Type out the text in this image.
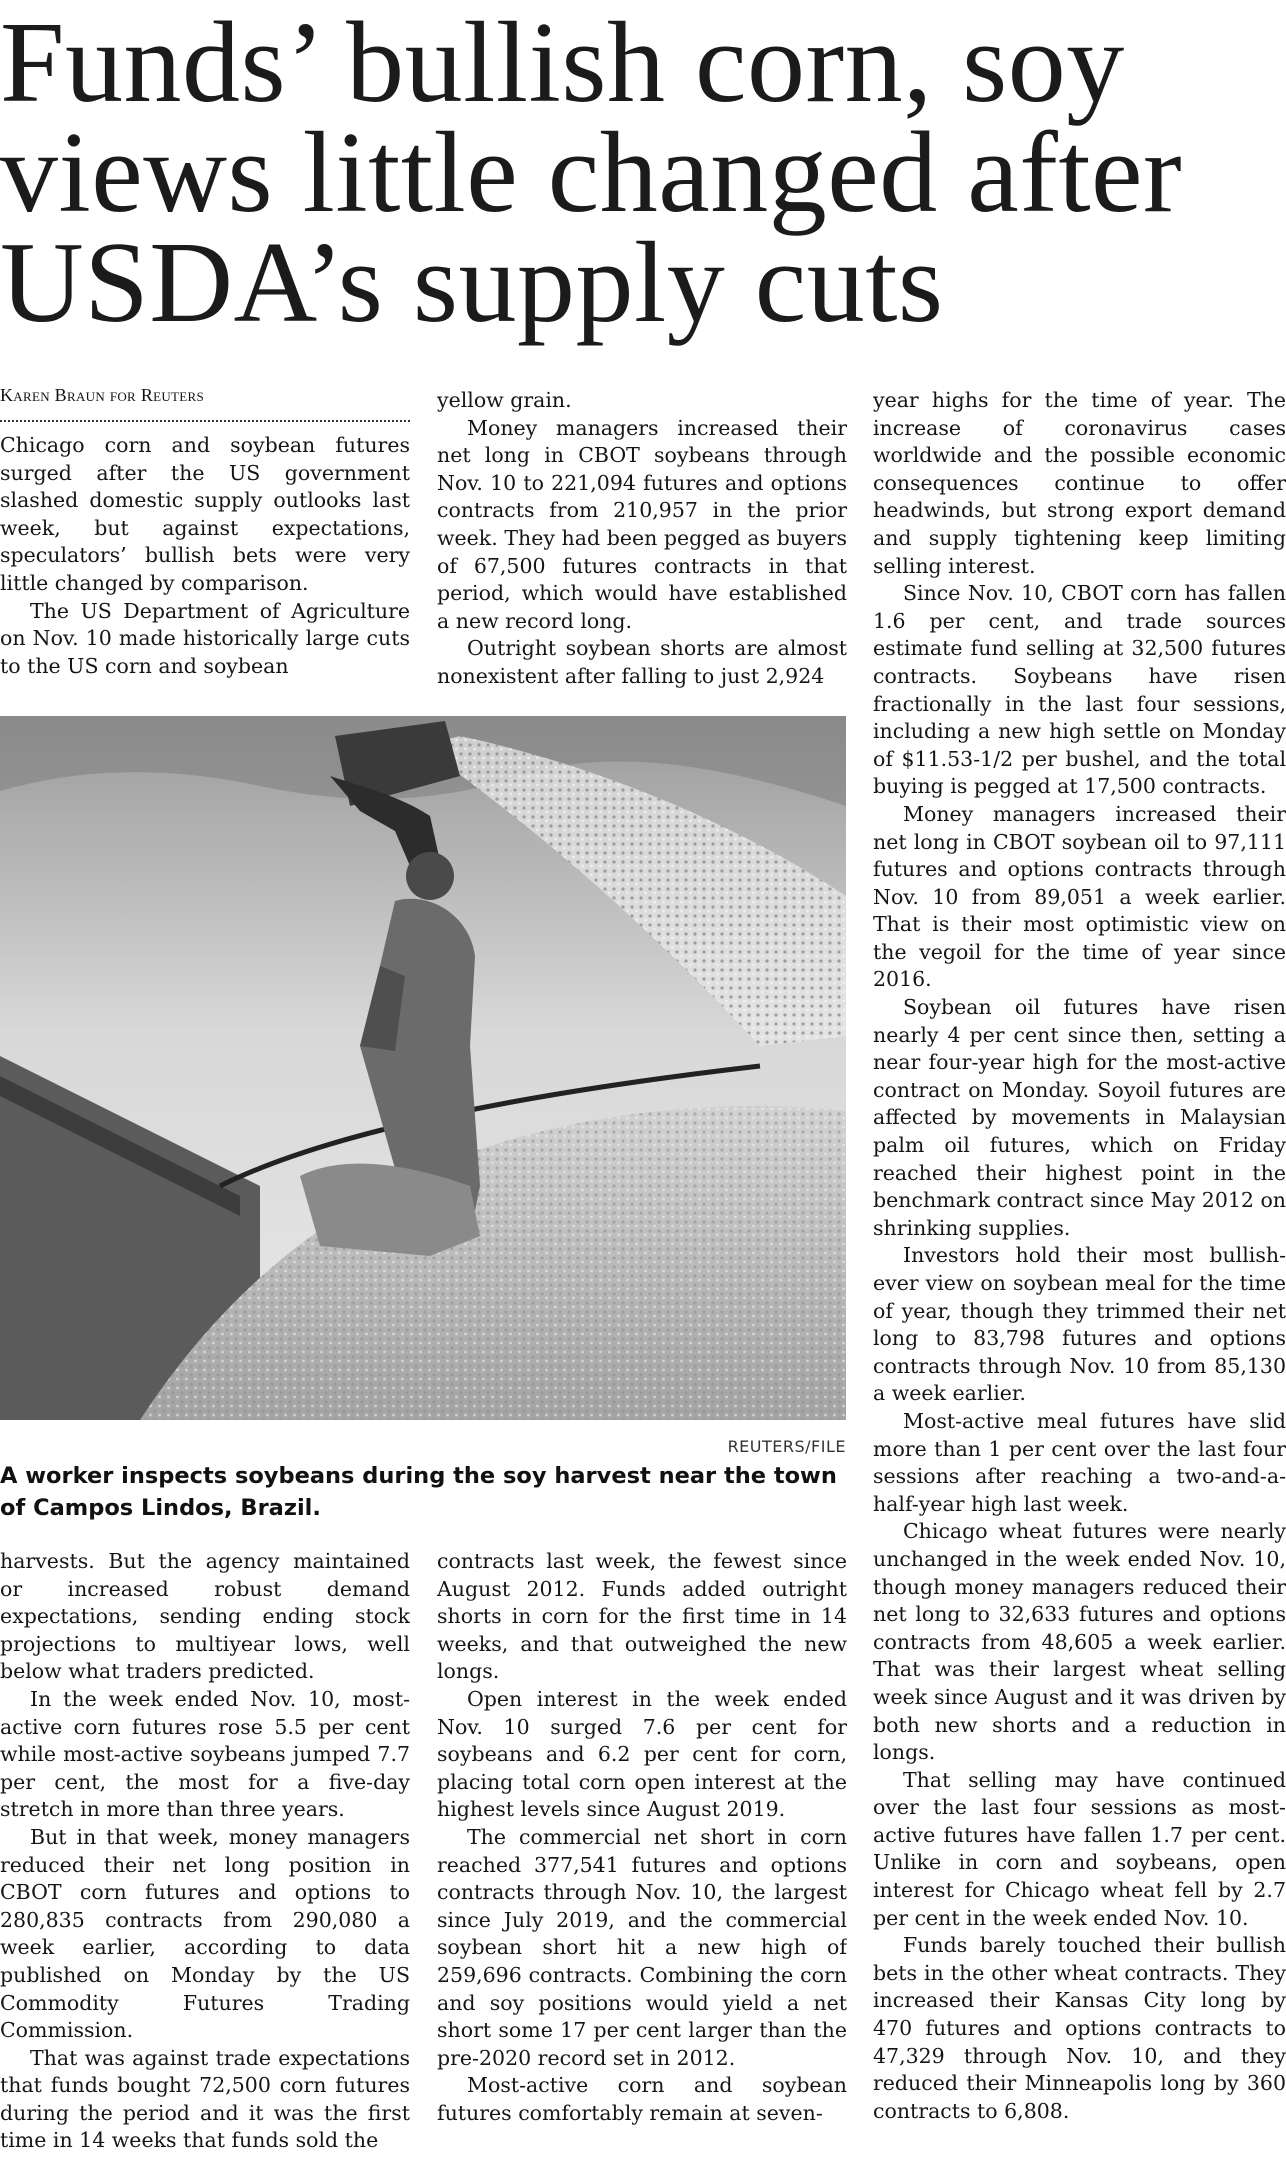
Funds’ bullish corn, soy
views little changed after
USDA’s supply cuts
Karen Braun for Reuters

Chicago corn and soybean futures surged after the US government slashed domestic supply outlooks last week, but against expectations, speculators’ bullish bets were very little changed by comparison.

The US Department of Agriculture on Nov. 10 made historically large cuts to the US corn and soybean

yellow grain.

Money managers increased their net long in CBOT soybeans through Nov. 10 to 221,094 futures and options contracts from 210,957 in the prior week. They had been pegged as buyers of 67,500 futures contracts in that period, which would have established a new record long.

Outright soybean shorts are almost nonexistent after falling to just 2,924

REUTERS/FILE
A worker inspects soybeans during the soy harvest near the town of Campos Lindos, Brazil.

harvests. But the agency maintained or increased robust demand expectations, sending ending stock projections to multiyear lows, well below what traders predicted.

In the week ended Nov. 10, most-active corn futures rose 5.5 per cent while most-active soybeans jumped 7.7 per cent, the most for a five-day stretch in more than three years.

But in that week, money managers reduced their net long position in CBOT corn futures and options to 280,835 contracts from 290,080 a week earlier, according to data published on Monday by the US Commodity Futures Trading Commission.

That was against trade expectations that funds bought 72,500 corn futures during the period and it was the first time in 14 weeks that funds sold the

contracts last week, the fewest since August 2012. Funds added outright shorts in corn for the first time in 14 weeks, and that outweighed the new longs.

Open interest in the week ended Nov. 10 surged 7.6 per cent for soybeans and 6.2 per cent for corn, placing total corn open interest at the highest levels since August 2019.

The commercial net short in corn reached 377,541 futures and options contracts through Nov. 10, the largest since July 2019, and the commercial soybean short hit a new high of 259,696 contracts. Combining the corn and soy positions would yield a net short some 17 per cent larger than the pre-2020 record set in 2012.

Most-active corn and soybean futures comfortably remain at seven-

year highs for the time of year. The increase of coronavirus cases worldwide and the possible economic consequences continue to offer headwinds, but strong export demand and supply tightening keep limiting selling interest.

Since Nov. 10, CBOT corn has fallen 1.6 per cent, and trade sources estimate fund selling at 32,500 futures contracts. Soybeans have risen fractionally in the last four sessions, including a new high settle on Monday of $11.53-1/2 per bushel, and the total buying is pegged at 17,500 contracts.

Money managers increased their net long in CBOT soybean oil to 97,111 futures and options contracts through Nov. 10 from 89,051 a week earlier. That is their most optimistic view on the vegoil for the time of year since 2016.

Soybean oil futures have risen nearly 4 per cent since then, setting a near four-year high for the most-active contract on Monday. Soyoil futures are affected by movements in Malaysian palm oil futures, which on Friday reached their highest point in the benchmark contract since May 2012 on shrinking supplies.

Investors hold their most bullish-ever view on soybean meal for the time of year, though they trimmed their net long to 83,798 futures and options contracts through Nov. 10 from 85,130 a week earlier.

Most-active meal futures have slid more than 1 per cent over the last four sessions after reaching a two-and-a-half-year high last week.

Chicago wheat futures were nearly unchanged in the week ended Nov. 10, though money managers reduced their net long to 32,633 futures and options contracts from 48,605 a week earlier. That was their largest wheat selling week since August and it was driven by both new shorts and a reduction in longs.

That selling may have continued over the last four sessions as most-active futures have fallen 1.7 per cent. Unlike in corn and soybeans, open interest for Chicago wheat fell by 2.7 per cent in the week ended Nov. 10.

Funds barely touched their bullish bets in the other wheat contracts. They increased their Kansas City long by 470 futures and options contracts to 47,329 through Nov. 10, and they reduced their Minneapolis long by 360 contracts to 6,808.
